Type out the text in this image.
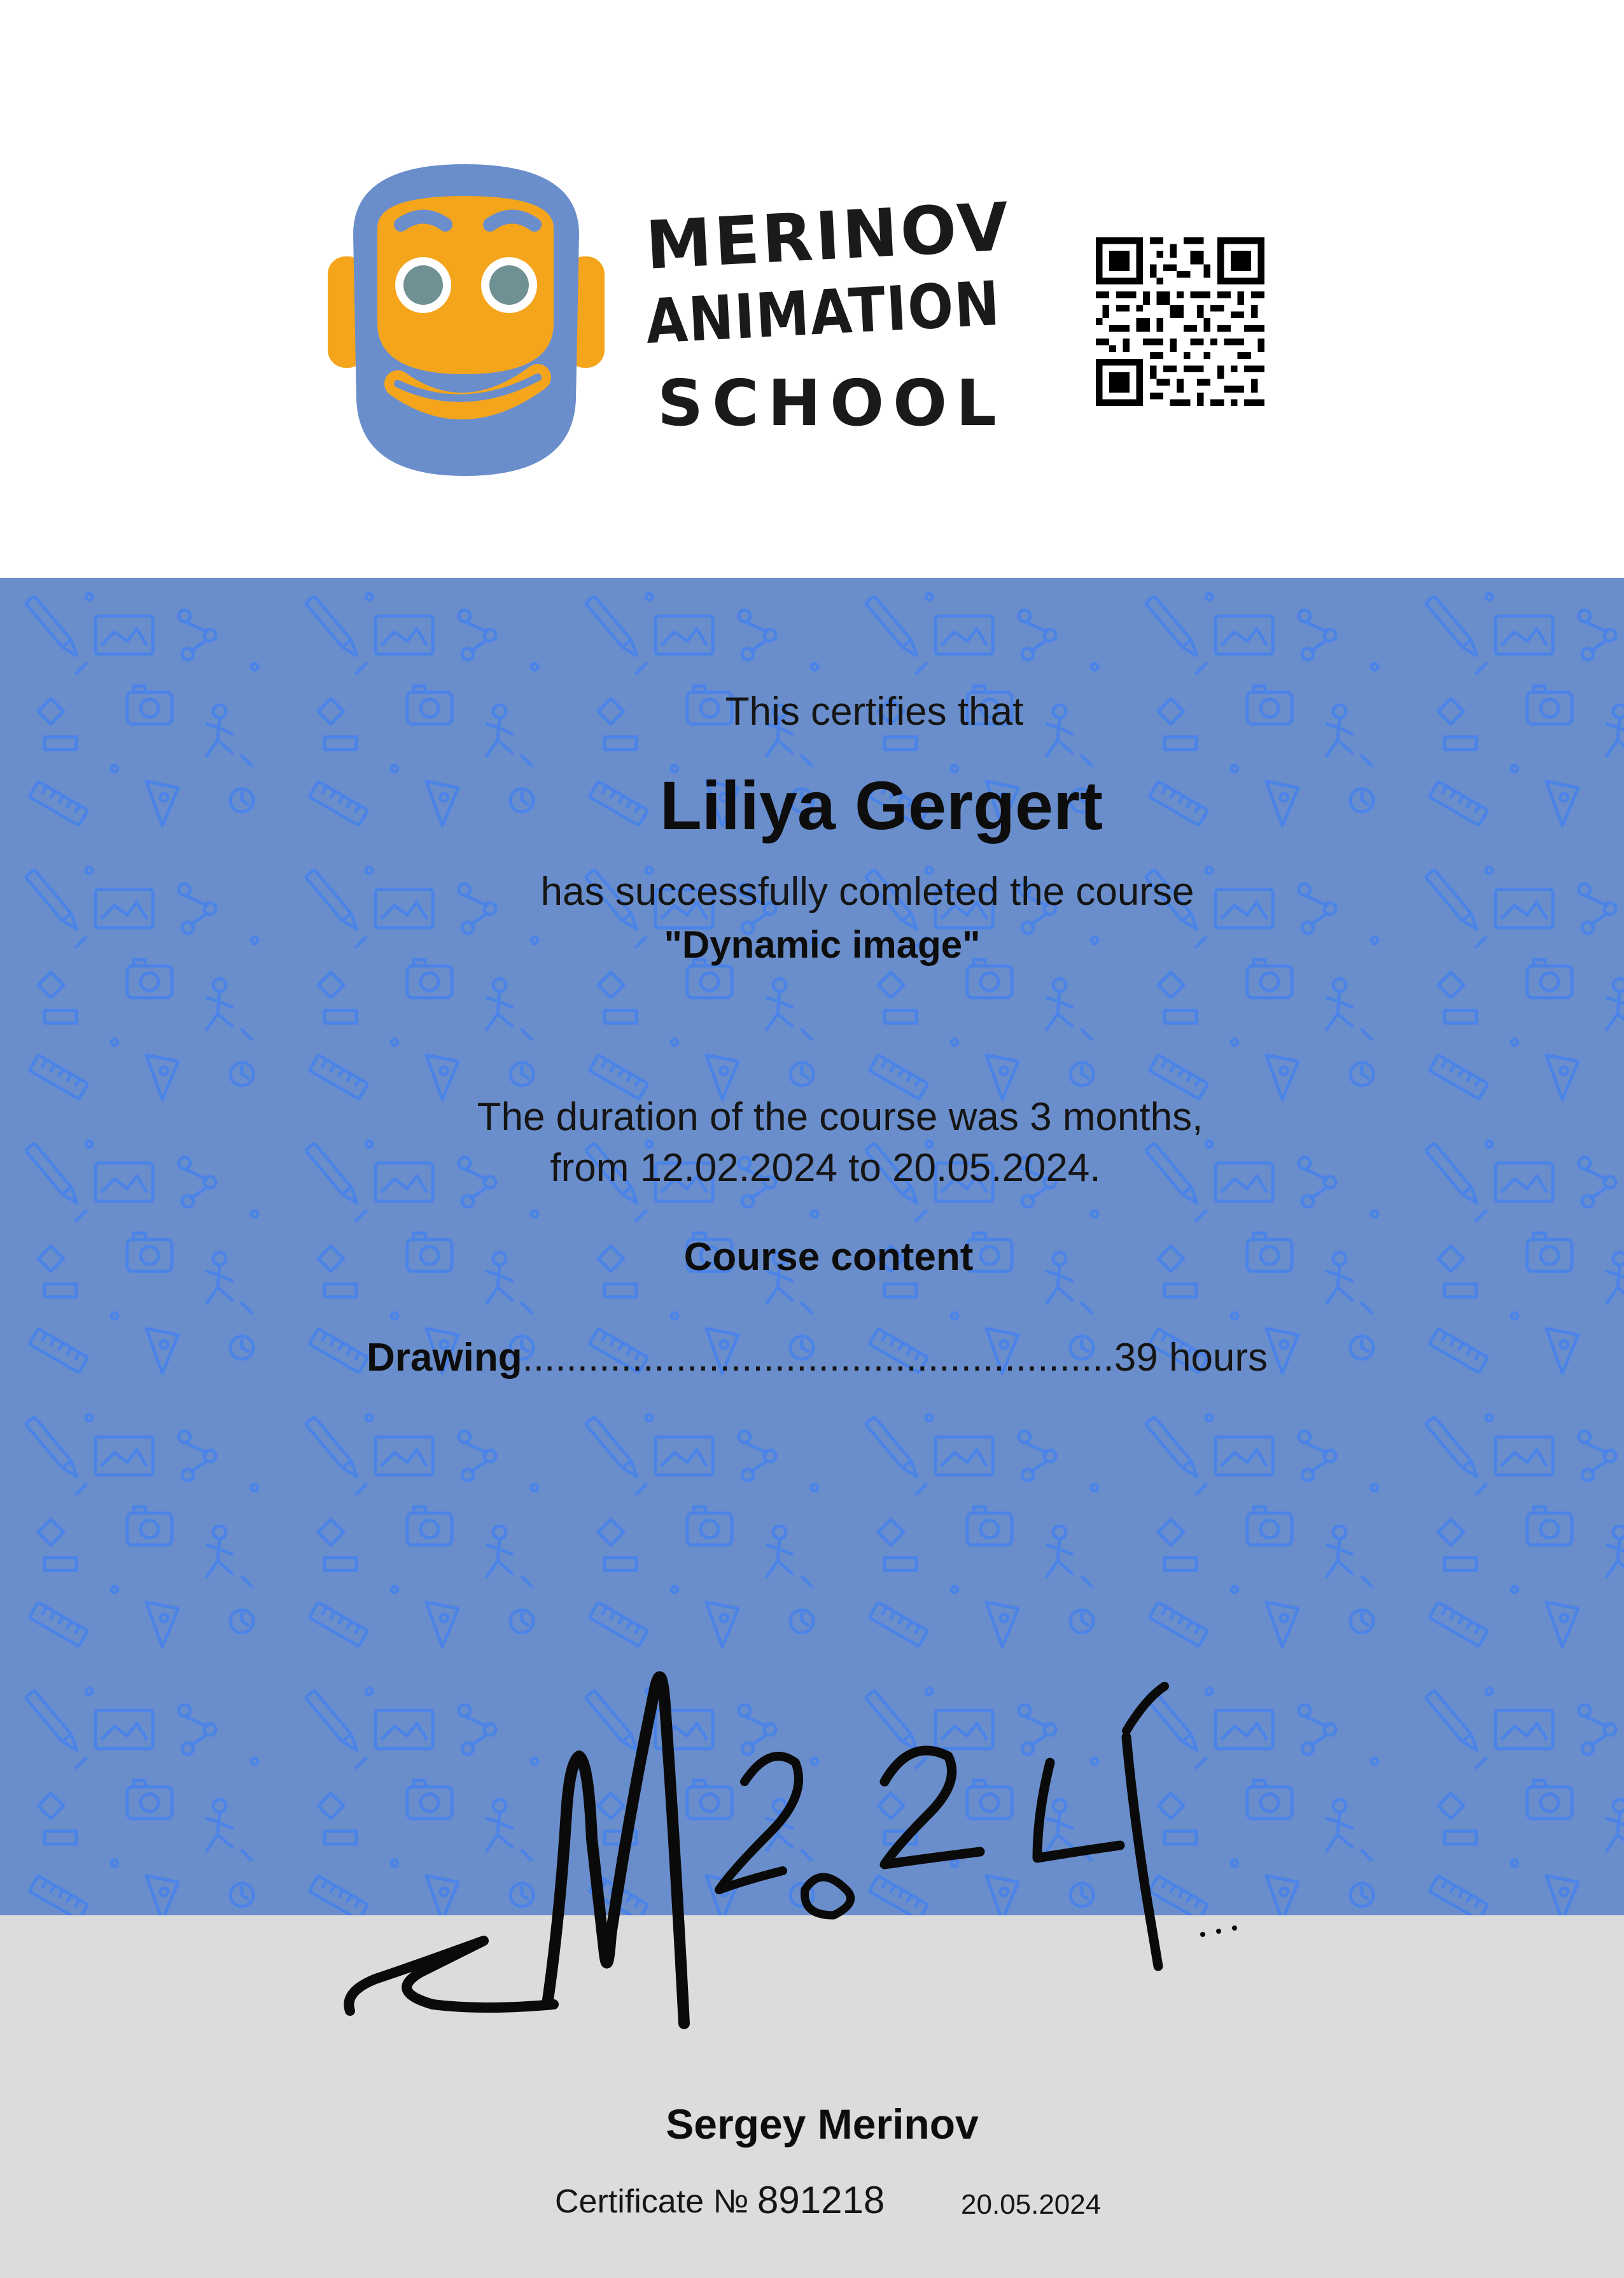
MERINOV
ANIMATION
SCHOOL
This certifies that
Liliya Gergert
has successfully comleted the course
"Dynamic image"
The duration of the course was 3 months,
from 12.02.2024 to 20.05.2024.
Course content
Drawing......................................................39 hours
Sergey Merinov
Certificate № 891218	20.05.2024
